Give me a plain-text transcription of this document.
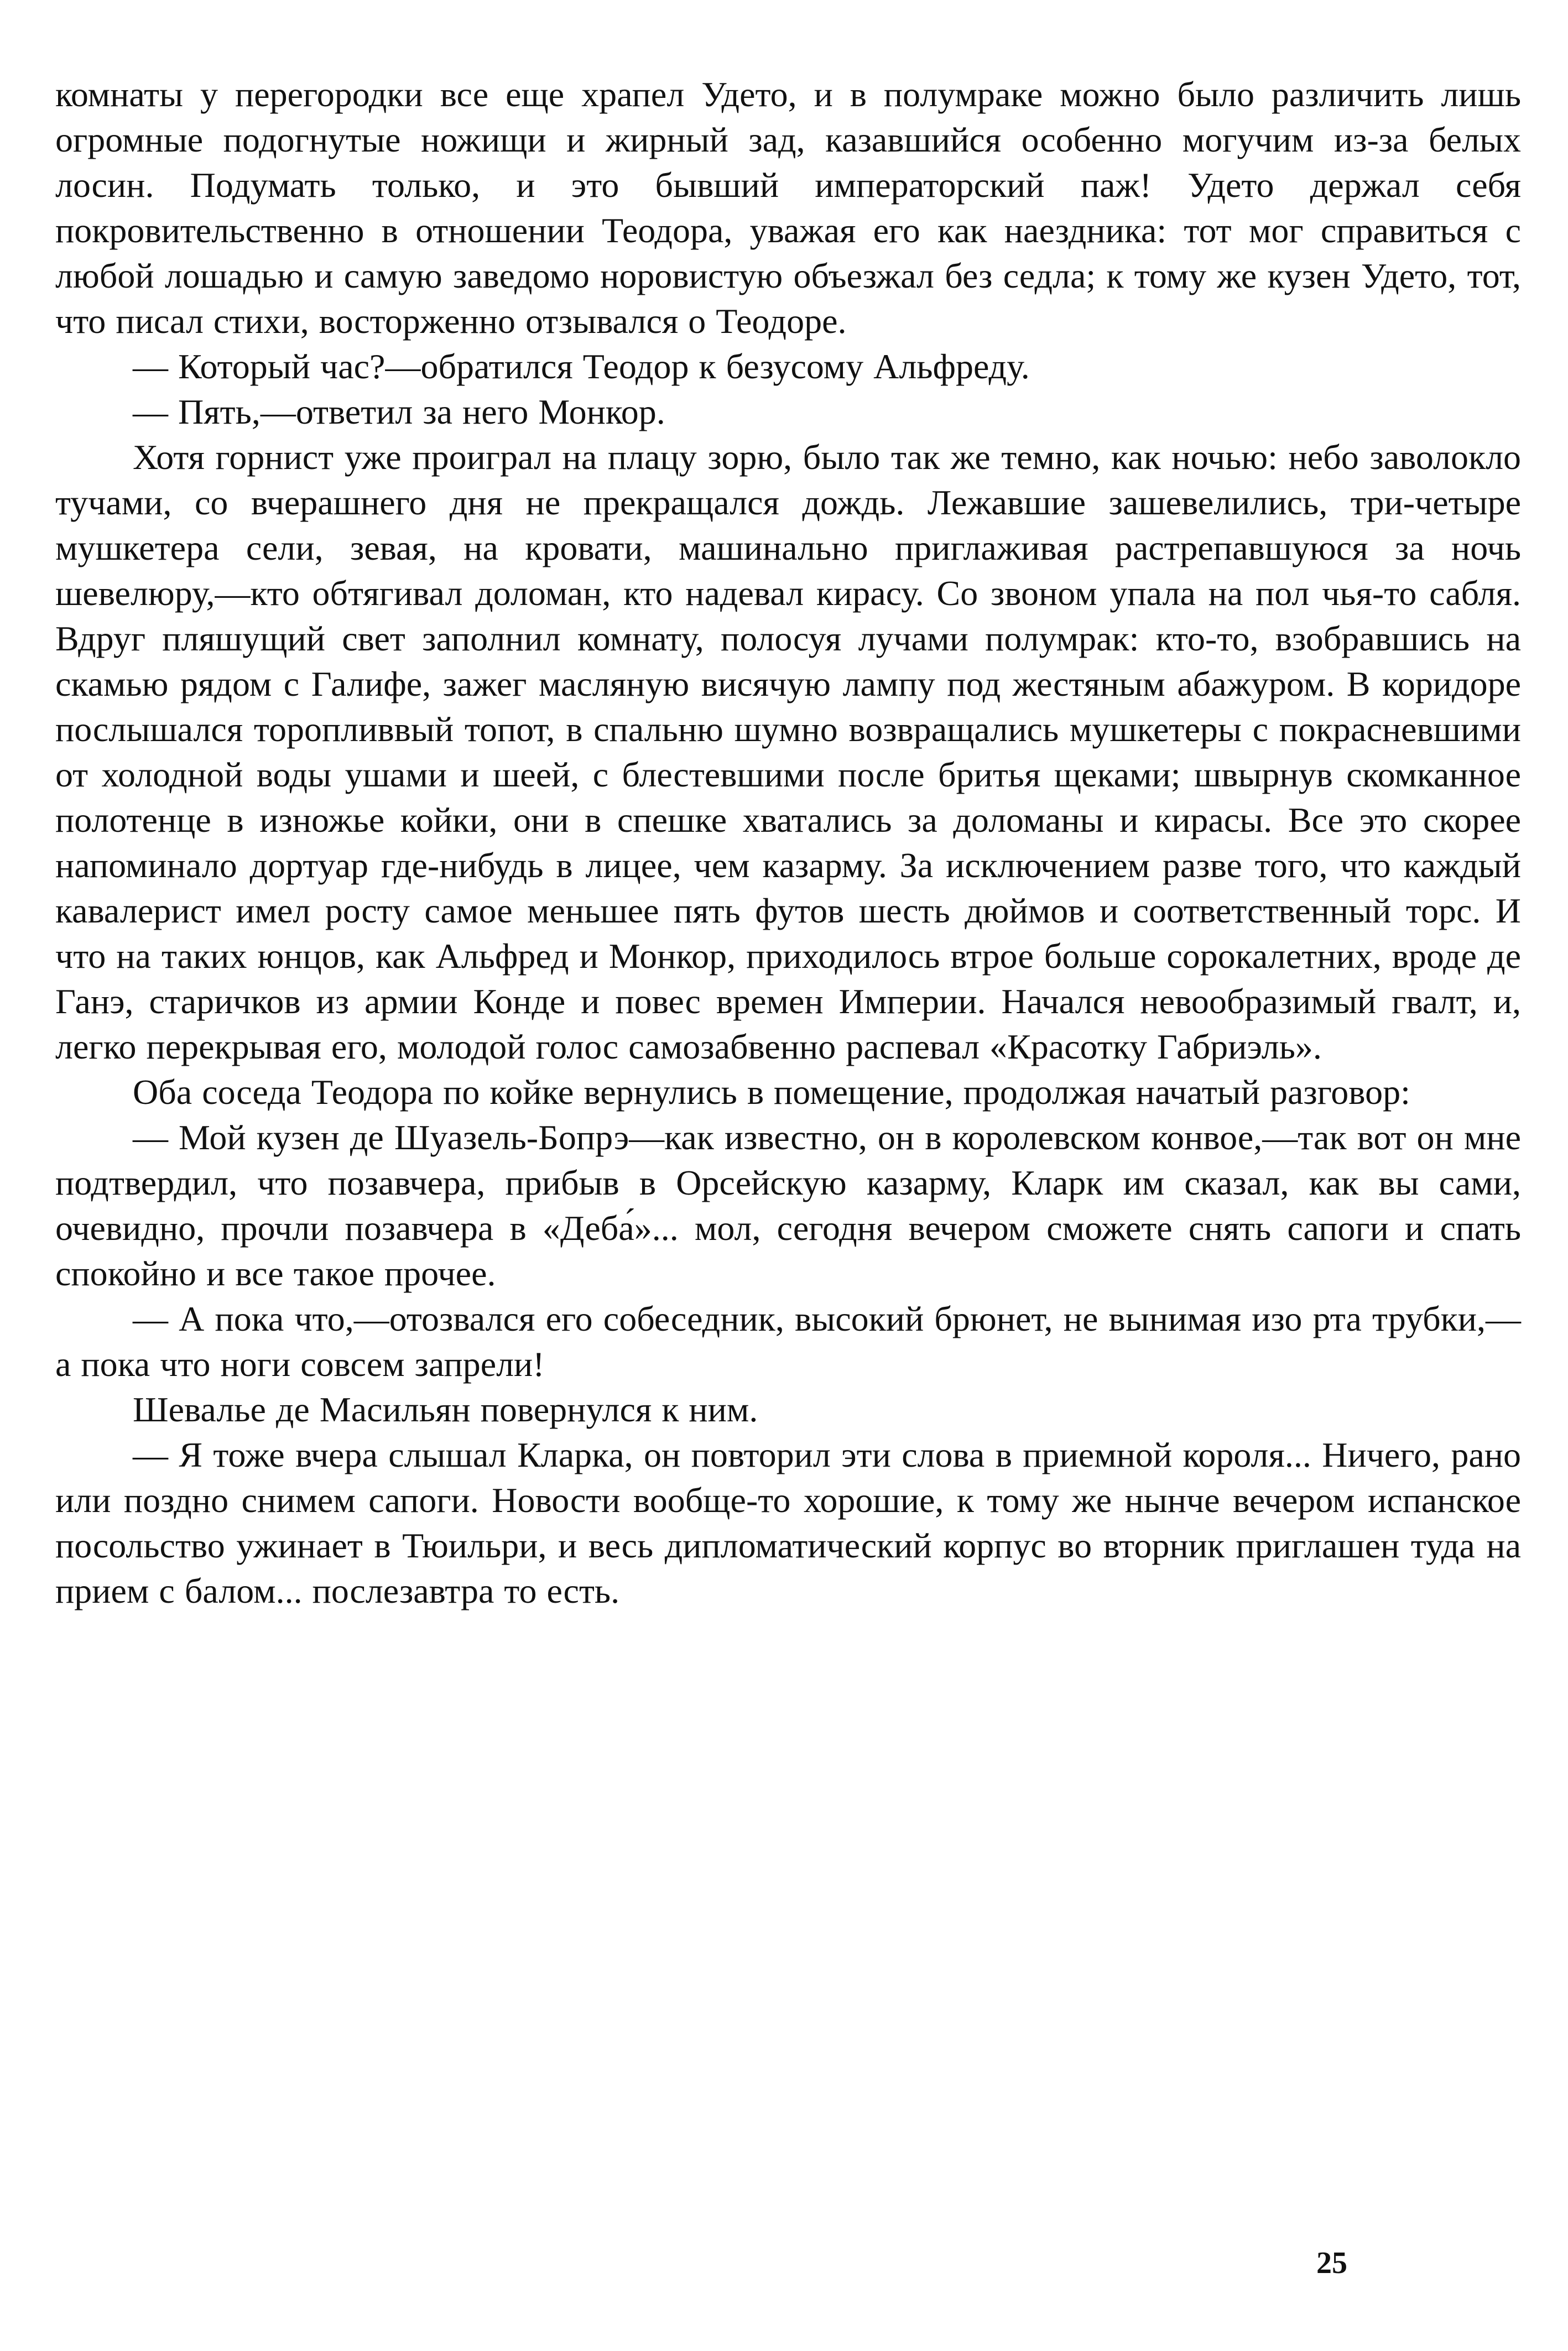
комнаты у перегородки все еще храпел Удето, и в полумраке можно было различить лишь огромные подогнутые ножищи и жирный зад, казавшийся особенно могучим из-за белых лосин. Подумать только, и это бывший императорский паж! Удето держал себя покровительственно в отношении Теодора, уважая его как наездника: тот мог справиться с любой лошадью и самую заведомо норовистую объезжал без седла; к тому же кузен Удето, тот, что писал стихи, восторженно отзывался о Теодоре.

— Который час?—обратился Теодор к безусому Альфреду.

— Пять,—ответил за него Монкор.

Хотя горнист уже проиграл на плацу зорю, было так же темно, как ночью: небо заволокло тучами, со вчерашнего дня не прекращался дождь. Лежавшие зашевелились, три-четыре мушкетера сели, зевая, на кровати, машинально приглаживая растрепавшуюся за ночь шевелюру,—кто обтягивал доломан, кто надевал кирасу. Со звоном упала на пол чья-то сабля. Вдруг пляшущий свет заполнил комнату, полосуя лучами полумрак: кто-то, взобравшись на скамью рядом с Галифе, зажег масляную висячую лампу под жестяным абажуром. В коридоре послышался торопливвый топот, в спальню шумно возвращались мушкетеры с покрасневшими от холодной воды ушами и шеей, с блестевшими после бритья щеками; швырнув скомканное полотенце в изножье койки, они в спешке хватались за доломаны и кирасы. Все это скорее напоминало дортуар где-нибудь в лицее, чем казарму. За исключением разве того, что каждый кавалерист имел росту самое меньшее пять футов шесть дюймов и соответственный торс. И что на таких юнцов, как Альфред и Монкор, приходилось втрое больше сорокалетних, вроде де Ганэ, старичков из армии Конде и повес времен Империи. Начался невообразимый гвалт, и, легко перекрывая его, молодой голос самозабвенно распевал «Красотку Габриэль».

Оба соседа Теодора по койке вернулись в помещение, продолжая начатый разговор:

— Мой кузен де Шуазель-Бопрэ—как известно, он в королевском конвое,—так вот он мне подтвердил, что позавчера, прибыв в Орсейскую казарму, Кларк им сказал, как вы сами, очевидно, прочли позавчера в «Деба́»... мол, сегодня вечером сможете снять сапоги и спать спокойно и все такое прочее.

— А пока что,—отозвался его собеседник, высокий брюнет, не вынимая изо рта трубки,—а пока что ноги совсем запрели!

Шевалье де Масильян повернулся к ним.

— Я тоже вчера слышал Кларка, он повторил эти слова в приемной короля... Ничего, рано или поздно снимем сапоги. Новости вообще-то хорошие, к тому же нынче вечером испанское посольство ужинает в Тюильри, и весь дипломатический корпус во вторник приглашен туда на прием с балом... послезавтра то есть.

25
